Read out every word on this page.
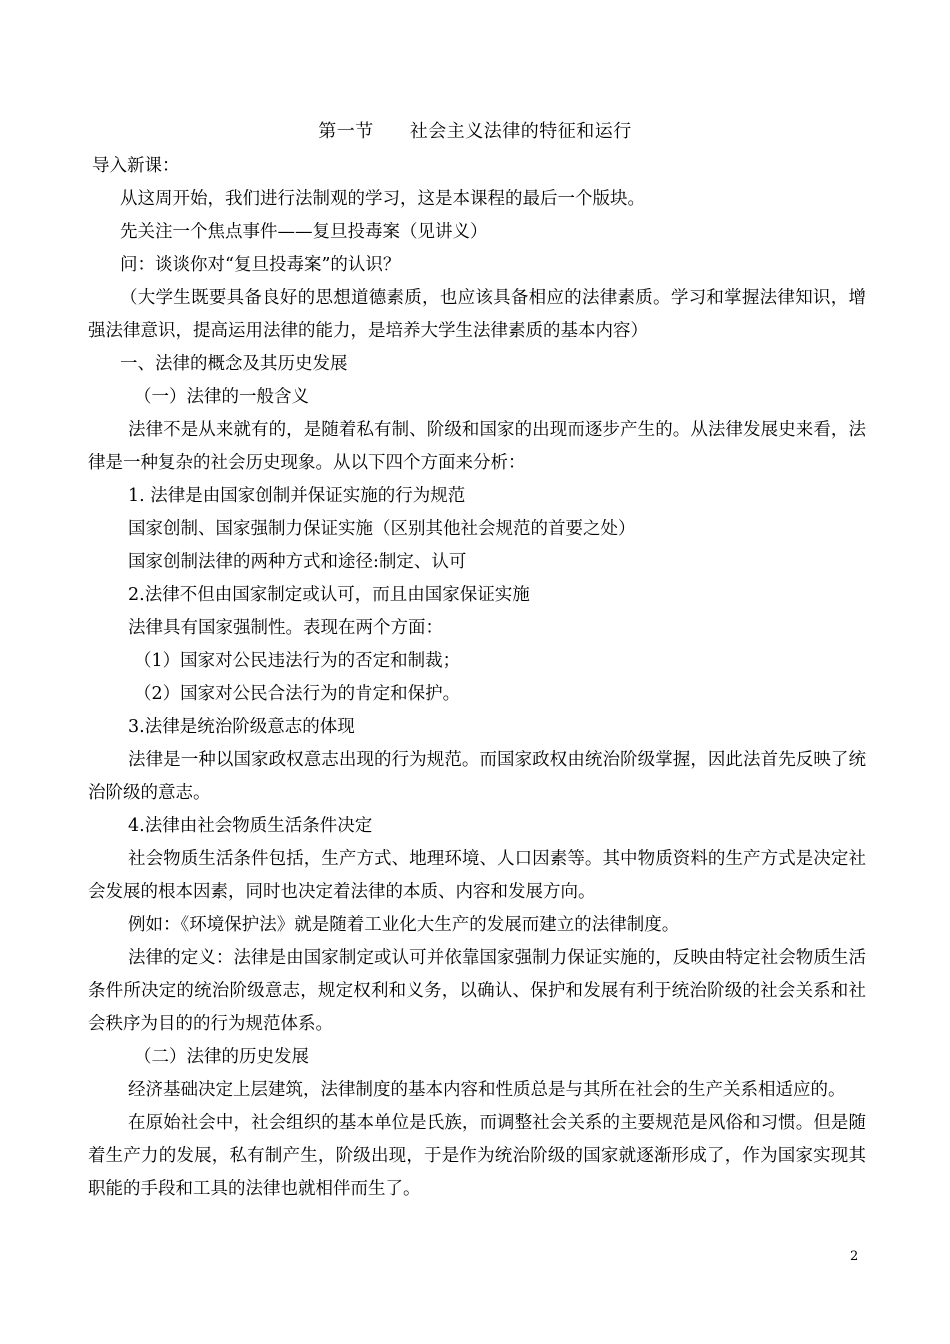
第一节 社会主义法律的特征和运行

导入新课：

从这周开始，我们进行法制观的学习，这是本课程的最后一个版块。

先关注一个焦点事件——复旦投毒案（见讲义）

问：谈谈你对“复旦投毒案”的认识？

（大学生既要具备良好的思想道德素质，也应该具备相应的法律素质。学习和掌握法律知识，增强法律意识，提高运用法律的能力，是培养大学生法律素质的基本内容）

一、法律的概念及其历史发展

（一）法律的一般含义

法律不是从来就有的，是随着私有制、阶级和国家的出现而逐步产生的。从法律发展史来看，法律是一种复杂的社会历史现象。从以下四个方面来分析：

1. 法律是由国家创制并保证实施的行为规范

国家创制、国家强制力保证实施（区别其他社会规范的首要之处）

国家创制法律的两种方式和途径:制定、认可

2.法律不但由国家制定或认可，而且由国家保证实施

法律具有国家强制性。表现在两个方面：

（1）国家对公民违法行为的否定和制裁；

（2）国家对公民合法行为的肯定和保护。

3.法律是统治阶级意志的体现

法律是一种以国家政权意志出现的行为规范。而国家政权由统治阶级掌握，因此法首先反映了统治阶级的意志。

4.法律由社会物质生活条件决定

社会物质生活条件包括，生产方式、地理环境、人口因素等。其中物质资料的生产方式是决定社会发展的根本因素，同时也决定着法律的本质、内容和发展方向。

例如：《环境保护法》就是随着工业化大生产的发展而建立的法律制度。

法律的定义：法律是由国家制定或认可并依靠国家强制力保证实施的，反映由特定社会物质生活条件所决定的统治阶级意志，规定权利和义务，以确认、保护和发展有利于统治阶级的社会关系和社会秩序为目的的行为规范体系。

（二）法律的历史发展

经济基础决定上层建筑，法律制度的基本内容和性质总是与其所在社会的生产关系相适应的。

在原始社会中，社会组织的基本单位是氏族，而调整社会关系的主要规范是风俗和习惯。但是随着生产力的发展，私有制产生，阶级出现，于是作为统治阶级的国家就逐渐形成了，作为国家实现其职能的手段和工具的法律也就相伴而生了。

2
